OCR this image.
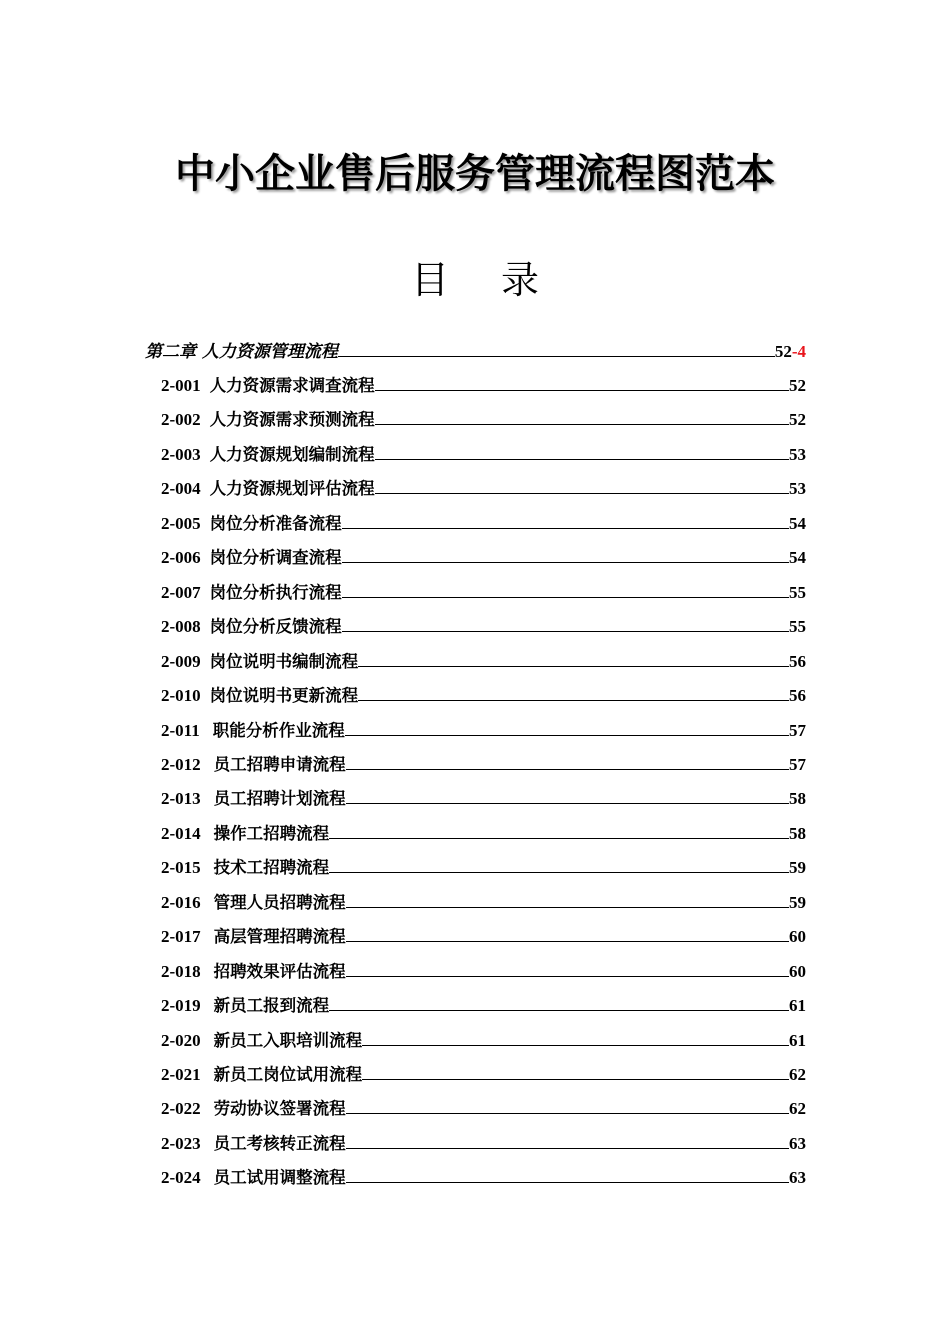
中小企业售后服务管理流程图范本
目 录
第二章 人力资源管理流程	52-4
2-001 人力资源需求调查流程	52
2-002 人力资源需求预测流程	52
2-003 人力资源规划编制流程	53
2-004 人力资源规划评估流程	53
2-005 岗位分析准备流程	54
2-006 岗位分析调查流程	54
2-007 岗位分析执行流程	55
2-008 岗位分析反馈流程	55
2-009 岗位说明书编制流程	56
2-010 岗位说明书更新流程	56
2-011 职能分析作业流程	57
2-012 员工招聘申请流程	57
2-013 员工招聘计划流程	58
2-014 操作工招聘流程	58
2-015 技术工招聘流程	59
2-016 管理人员招聘流程	59
2-017 高层管理招聘流程	60
2-018 招聘效果评估流程	60
2-019 新员工报到流程	61
2-020 新员工入职培训流程	61
2-021 新员工岗位试用流程	62
2-022 劳动协议签署流程	62
2-023 员工考核转正流程	63
2-024 员工试用调整流程	63
